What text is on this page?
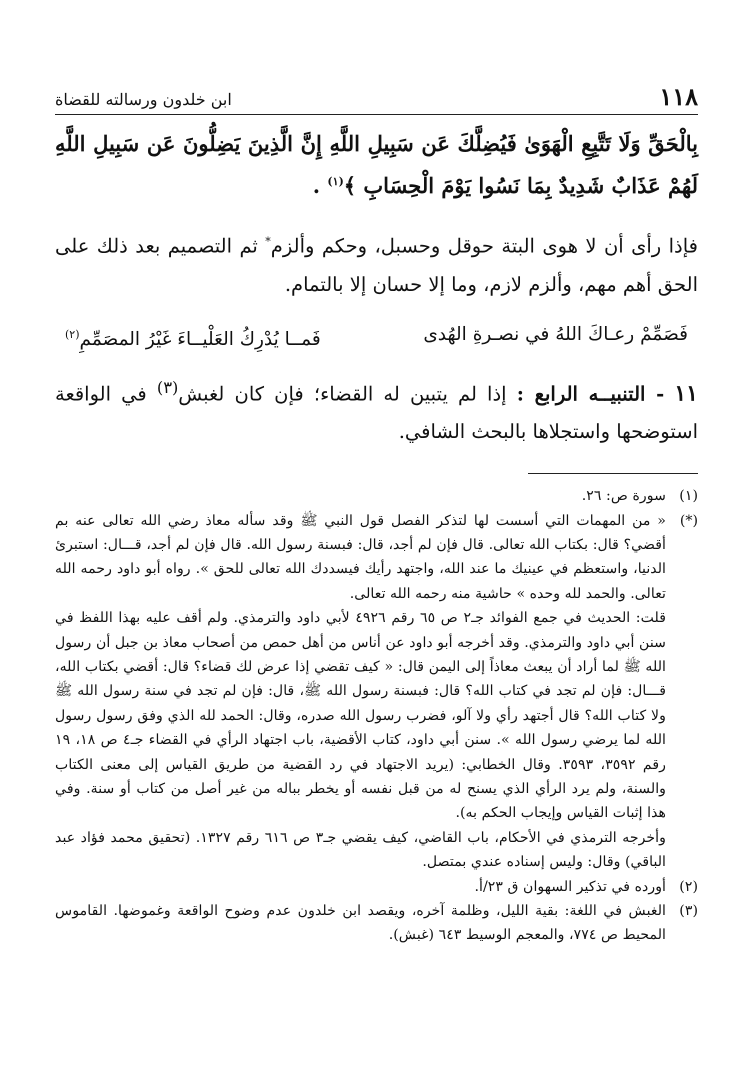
١١٨
ابن خلدون ورسالته للقضاة

بِالْحَقِّ وَلَا تَتَّبِعِ الْهَوَىٰ فَيُضِلَّكَ عَن سَبِيلِ اللَّهِ إِنَّ الَّذِينَ يَضِلُّونَ عَن سَبِيلِ اللَّهِ لَهُمْ عَذَابٌ شَدِيدٌ بِمَا نَسُوا يَوْمَ الْحِسَابِ ﴾$^{(١)}$ .

فإذا رأى أن لا هوى البتة حوقل وحسبل، وحكم وألزم* ثم التصميم بعد ذلك على الحق أهم مهم، وألزم لازم، وما إلا حسان إلا بالتمام.

فَصَمِّمْ رعـاكَ اللهُ في نصـرةِ الهُدى
فَمــا يُدْرِكُ العَلْيــاءَ غَيْرُ المصَمِّمِ$^{(٢)}$

١١ - التنبيــه الرابع : إذا لم يتبين له القضاء؛ فإن كان لغبش$^{(٣)}$ في الواقعة استوضحها واستجلاها بالبحث الشافي.

(١)

سورة ص: ٢٦.

(*)

« من المهمات التي أسست لها لتذكر الفصل قول النبي ﷺ وقد سأله معاذ رضي الله تعالى عنه بم أقضي؟ قال: بكتاب الله تعالى. قال فإن لم أجد، قال: فبسنة رسول الله. قال فإن لم أجد، قـــال: استبرئ الدنيا، واستعظم في عينيك ما عند الله، واجتهد رأيك فيسددك الله تعالى للحق ». رواه أبو داود رحمه الله تعالى. والحمد لله وحده » حاشية منه رحمه الله تعالى.

قلت: الحديث في جمع الفوائد جـ٢ ص ٦٥ رقم ٤٩٢٦ لأبي داود والترمذي. ولم أقف عليه بهذا اللفظ في سنن أبي داود والترمذي. وقد أخرجه أبو داود عن أناس من أهل حمص من أصحاب معاذ بن جبل أن رسول الله ﷺ لما أراد أن يبعث معاذاً إلى اليمن قال: « كيف تقضي إذا عرض لك قضاء؟ قال: أقضي بكتاب الله، قـــال: فإن لم تجد في كتاب الله؟ قال: فبسنة رسول الله ﷺ، قال: فإن لم تجد في سنة رسول الله ﷺ ولا كتاب الله؟ قال أجتهد رأي ولا آلو، فضرب رسول الله صدره، وقال: الحمد لله الذي وفق رسول رسول الله لما يرضي رسول الله ». سنن أبي داود، كتاب الأقضية، باب اجتهاد الرأي في القضاء جـ٤ ص ١٨، ١٩ رقم ٣٥٩٢، ٣٥٩٣. وقال الخطابي: (يريد الاجتهاد في رد القضية من طريق القياس إلى معنى الكتاب والسنة، ولم يرد الرأي الذي يسنح له من قبل نفسه أو يخطر بباله من غير أصل من كتاب أو سنة. وفي هذا إثبات القياس وإيجاب الحكم به).

وأخرجه الترمذي في الأحكام، باب القاضي، كيف يقضي جـ٣ ص ٦١٦ رقم ١٣٢٧. (تحقيق محمد فؤاد عبد الباقي) وقال: وليس إسناده عندي بمتصل.

(٢)

أورده في تذكير السهوان ق ٢٣/أ.

(٣)

الغبش في اللغة: بقية الليل، وظلمة آخره، ويقصد ابن خلدون عدم وضوح الواقعة وغموضها. القاموس المحيط ص ٧٧٤، والمعجم الوسيط ٦٤٣ (غبش).
